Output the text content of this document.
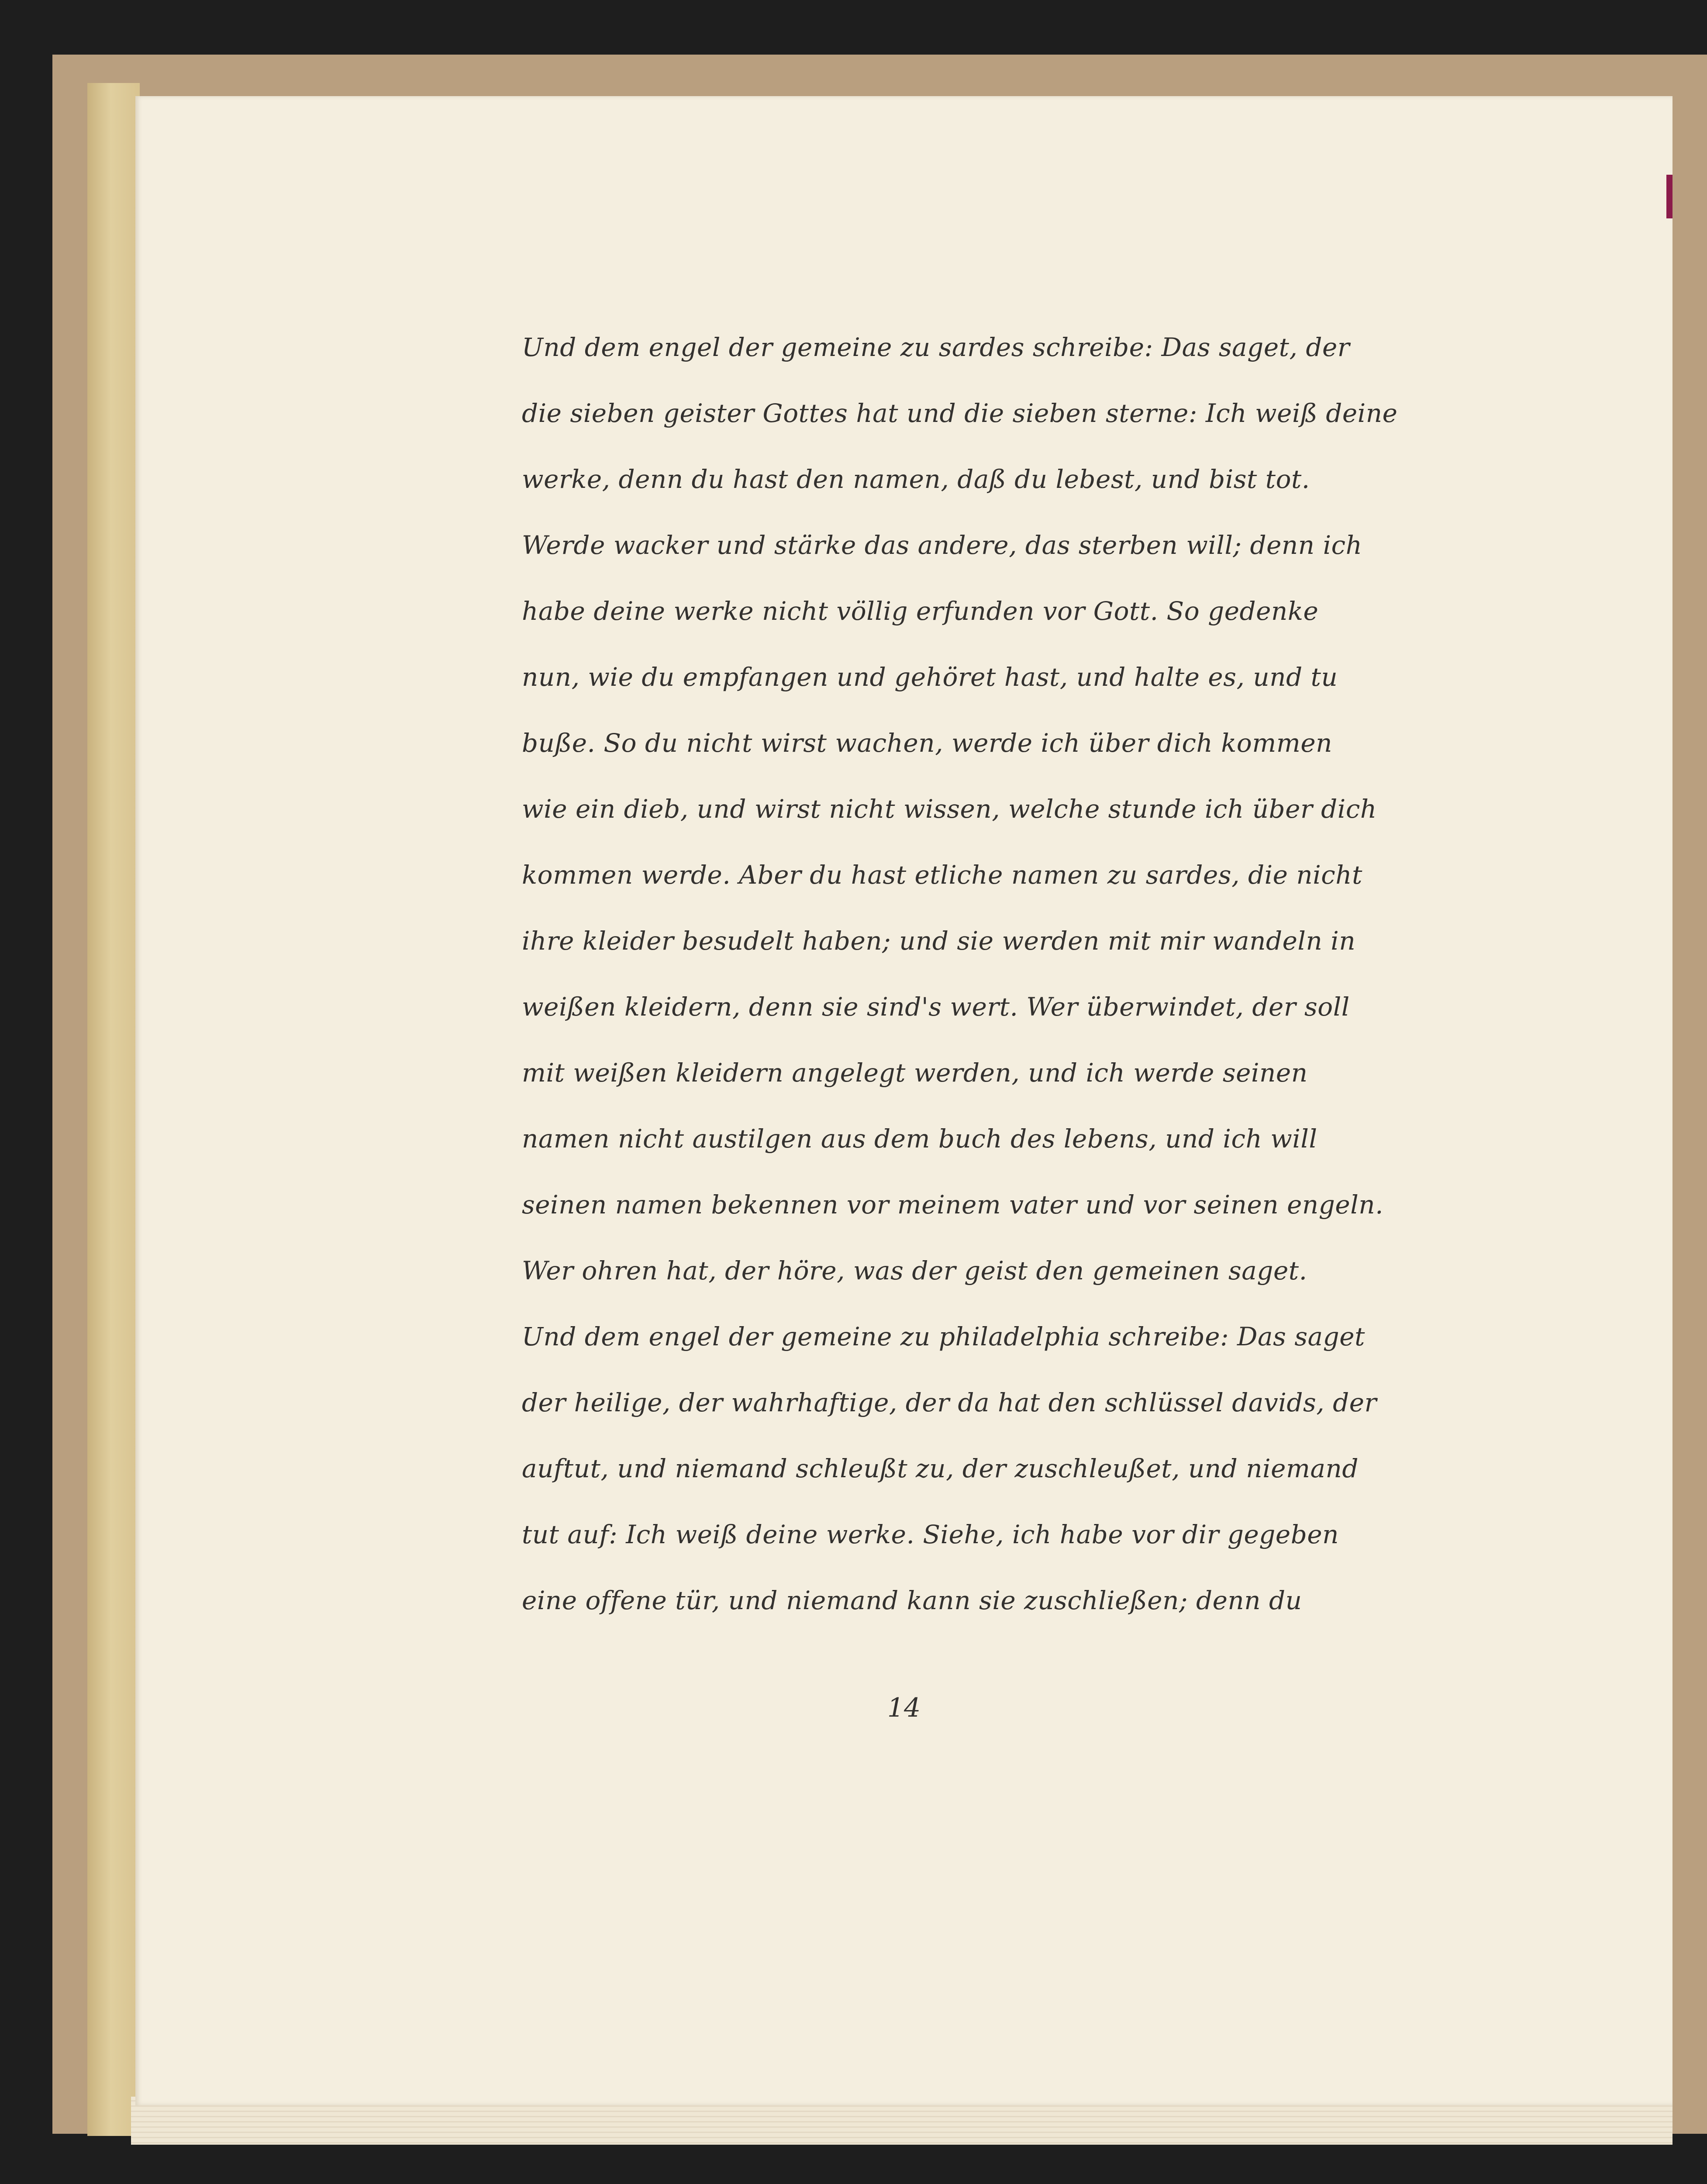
Und dem engel der gemeine zu sardes schreibe: Das saget, der
die sieben geister Gottes hat und die sieben sterne: Ich weiß deine
werke, denn du hast den namen, daß du lebest, und bist tot.
Werde wacker und stärke das andere, das sterben will; denn ich
habe deine werke nicht völlig erfunden vor Gott. So gedenke
nun, wie du empfangen und gehöret hast, und halte es, und tu
buße. So du nicht wirst wachen, werde ich über dich kommen
wie ein dieb, und wirst nicht wissen, welche stunde ich über dich
kommen werde. Aber du hast etliche namen zu sardes, die nicht
ihre kleider besudelt haben; und sie werden mit mir wandeln in
weißen kleidern, denn sie sind's wert. Wer überwindet, der soll
mit weißen kleidern angelegt werden, und ich werde seinen
namen nicht austilgen aus dem buch des lebens, und ich will
seinen namen bekennen vor meinem vater und vor seinen engeln.
Wer ohren hat, der höre, was der geist den gemeinen saget.
Und dem engel der gemeine zu philadelphia schreibe: Das saget
der heilige, der wahrhaftige, der da hat den schlüssel davids, der
auftut, und niemand schleußt zu, der zuschleußet, und niemand
tut auf: Ich weiß deine werke. Siehe, ich habe vor dir gegeben
eine offene tür, und niemand kann sie zuschließen; denn du
14
